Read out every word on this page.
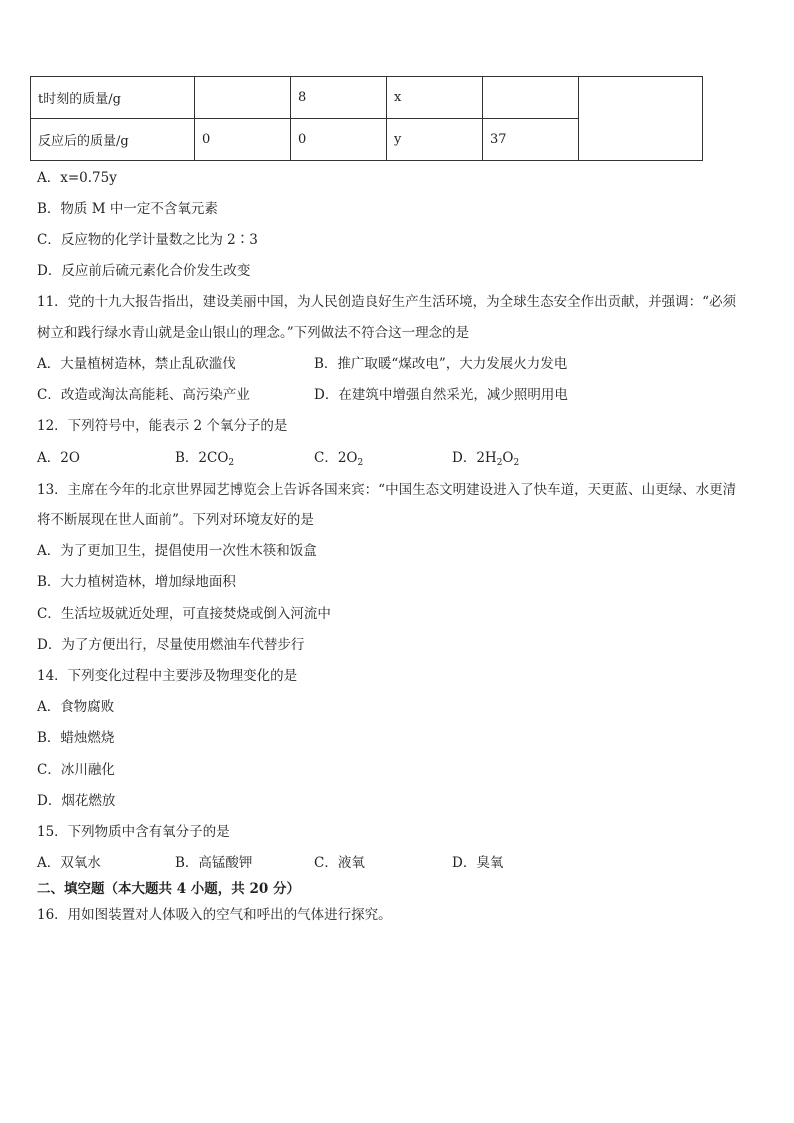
t时刻的质量/g		8	x		
反应后的质量/g	0	0	y	37	
A．x=0.75y
B．物质 M 中一定不含氧元素
C．反应物的化学计量数之比为 2∶3
D．反应前后硫元素化合价发生改变
11．党的十九大报告指出，建设美丽中国，为人民创造良好生产生活环境，为全球生态安全作出贡献，并强调：“必须
树立和践行绿水青山就是金山银山的理念。”下列做法不符合这一理念的是
A．大量植树造林，禁止乱砍滥伐	B．推广取暖“煤改电”，大力发展火力发电
C．改造或淘汰高能耗、高污染产业	D．在建筑中增强自然采光，减少照明用电
12．下列符号中，能表示 2 个氧分子的是
A．2O	B．$2CO_2$	C．$2O_2$	D．$2H_2O_2$
13．主席在今年的北京世界园艺博览会上告诉各国来宾：“中国生态文明建设进入了快车道，天更蓝、山更绿、水更清
将不断展现在世人面前”。下列对环境友好的是
A．为了更加卫生，提倡使用一次性木筷和饭盒
B．大力植树造林，增加绿地面积
C．生活垃圾就近处理，可直接焚烧或倒入河流中
D．为了方便出行，尽量使用燃油车代替步行
14．下列变化过程中主要涉及物理变化的是
A．食物腐败
B．蜡烛燃烧
C．冰川融化
D．烟花燃放
15．下列物质中含有氧分子的是
A．双氧水	B．高锰酸钾	C．液氧	D．臭氧
二、填空题（本大题共 4 小题，共 20 分）
16．用如图装置对人体吸入的空气和呼出的气体进行探究。
